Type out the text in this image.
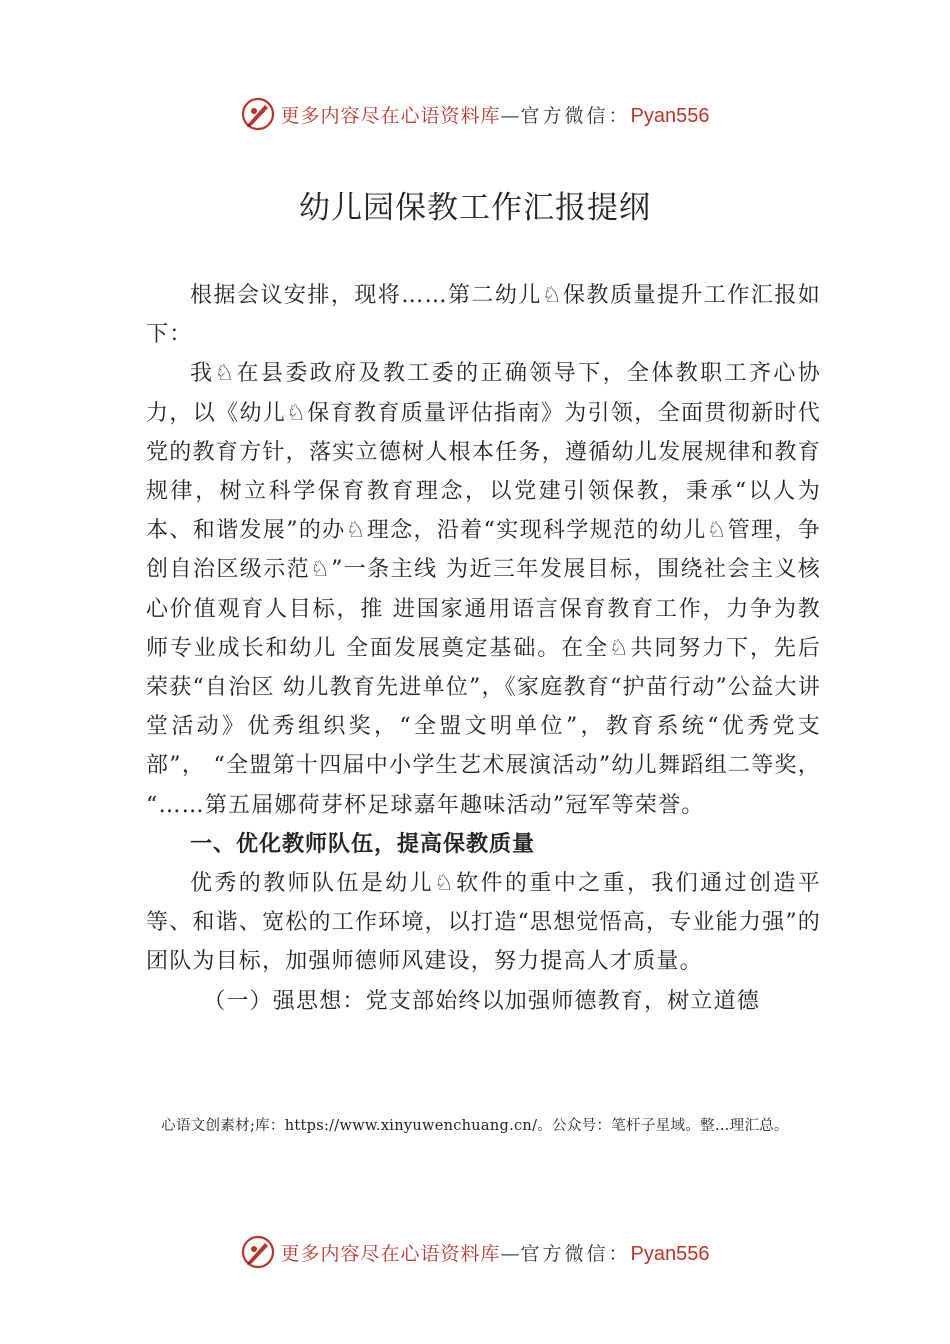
更多内容尽在心语资料库—官方微信：Pyan556
幼儿园保教工作汇报提纲

根据会议安排，现将……第二幼儿♘保教质量提升工作汇报如下：

我♘在县委政府及教工委的正确领导下，全体教职工齐心协力，以《幼儿♘保育教育质量评估指南》为引领，全面贯彻新时代党的教育方针，落实立德树人根本任务，遵循幼儿发展规律和教育规律，树立科学保育教育理念，以党建引领保教，秉承“以人为本、和谐发展”的办♘理念，沿着“实现科学规范的幼儿♘管理，争创自治区级示范♘”一条主线 为近三年发展目标，围绕社会主义核心价值观育人目标，推 进国家通用语言保育教育工作，力争为教师专业成长和幼儿 全面发展奠定基础。在全♘共同努力下，先后荣获“自治区 幼儿教育先进单位”，《家庭教育“护苗行动”公益大讲堂活动》优秀组织奖，“全盟文明单位”，教育系统“优秀党支部”， “全盟第十四届中小学生艺术展演活动”幼儿舞蹈组二等奖， “……第五届娜荷芽杯足球嘉年趣味活动”冠军等荣誉。

一、优化教师队伍，提高保教质量

优秀的教师队伍是幼儿♘软件的重中之重，我们通过创造平等、和谐、宽松的工作环境，以打造“思想觉悟高，专业能力强”的团队为目标，加强师德师风建设，努力提高人才质量。

（一）强思想：党支部始终以加强师德教育，树立道德

心语文创素材;库：https://www.xinyuwenchuang.cn/。公众号：笔杆子星域。整…理汇总。
更多内容尽在心语资料库—官方微信：Pyan556
